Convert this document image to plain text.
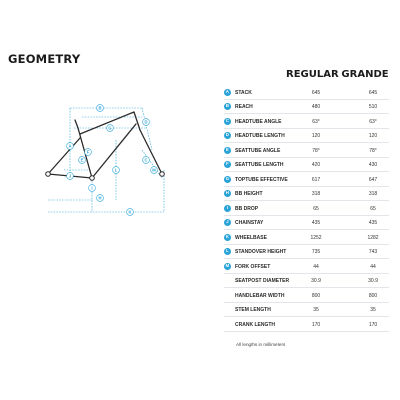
GEOMETRY
A
B
C
D
E
F
G
H
I
J
K
L	M
REGULAR GRANDE
A	STACK	645	645
B	REACH	480	510
C	HEADTUBE ANGLE	63°	63°
D	HEADTUBE LENGTH	120	120
E	SEATTUBE ANGLE	78°	78°
F	SEATTUBE LENGTH	420	430
G	TOPTUBE EFFECTIVE	617	647
H	BB HEIGHT	318	318
I	BB DROP	65	65
J	CHAINSTAY	435	435
K	WHEELBASE	1252	1282
L	STANDOVER HEIGHT	735	743
M	FORK OFFSET	44	44
SEATPOST DIAMETER	30.9	30.9
HANDLEBAR WIDTH	800	800
STEM LENGTH	35	35
CRANK LENGTH	170	170
All lengths in millimeters
